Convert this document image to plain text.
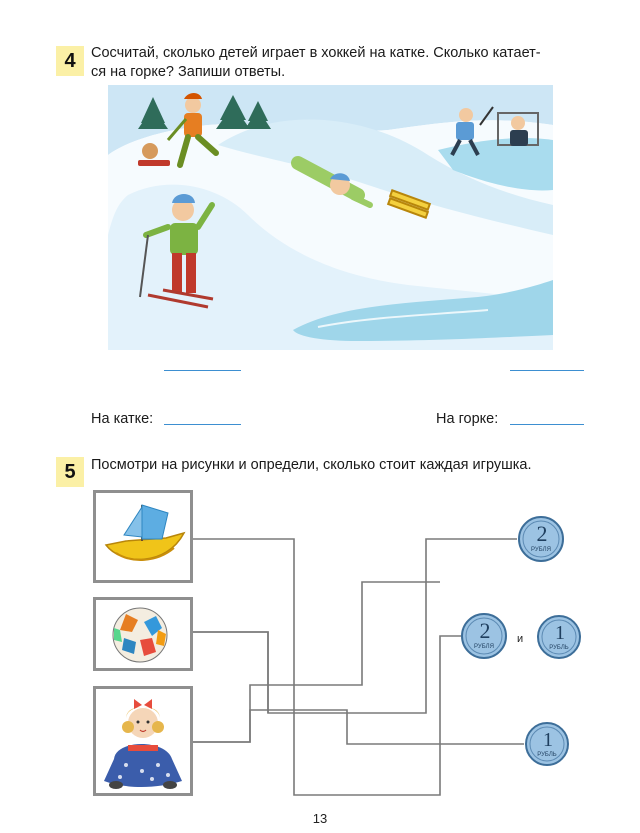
4	Сосчитай, сколько детей играет в хоккей на катке. Сколько катает-
ся на горке? Запиши ответы.
На катке:	На горке:
5	Посмотри на рисунки и определи, сколько стоит каждая игрушка.
2
РУБЛЯ
2
РУБЛЯ
и 1
РУБЛЬ
1
РУБЛЬ
13
